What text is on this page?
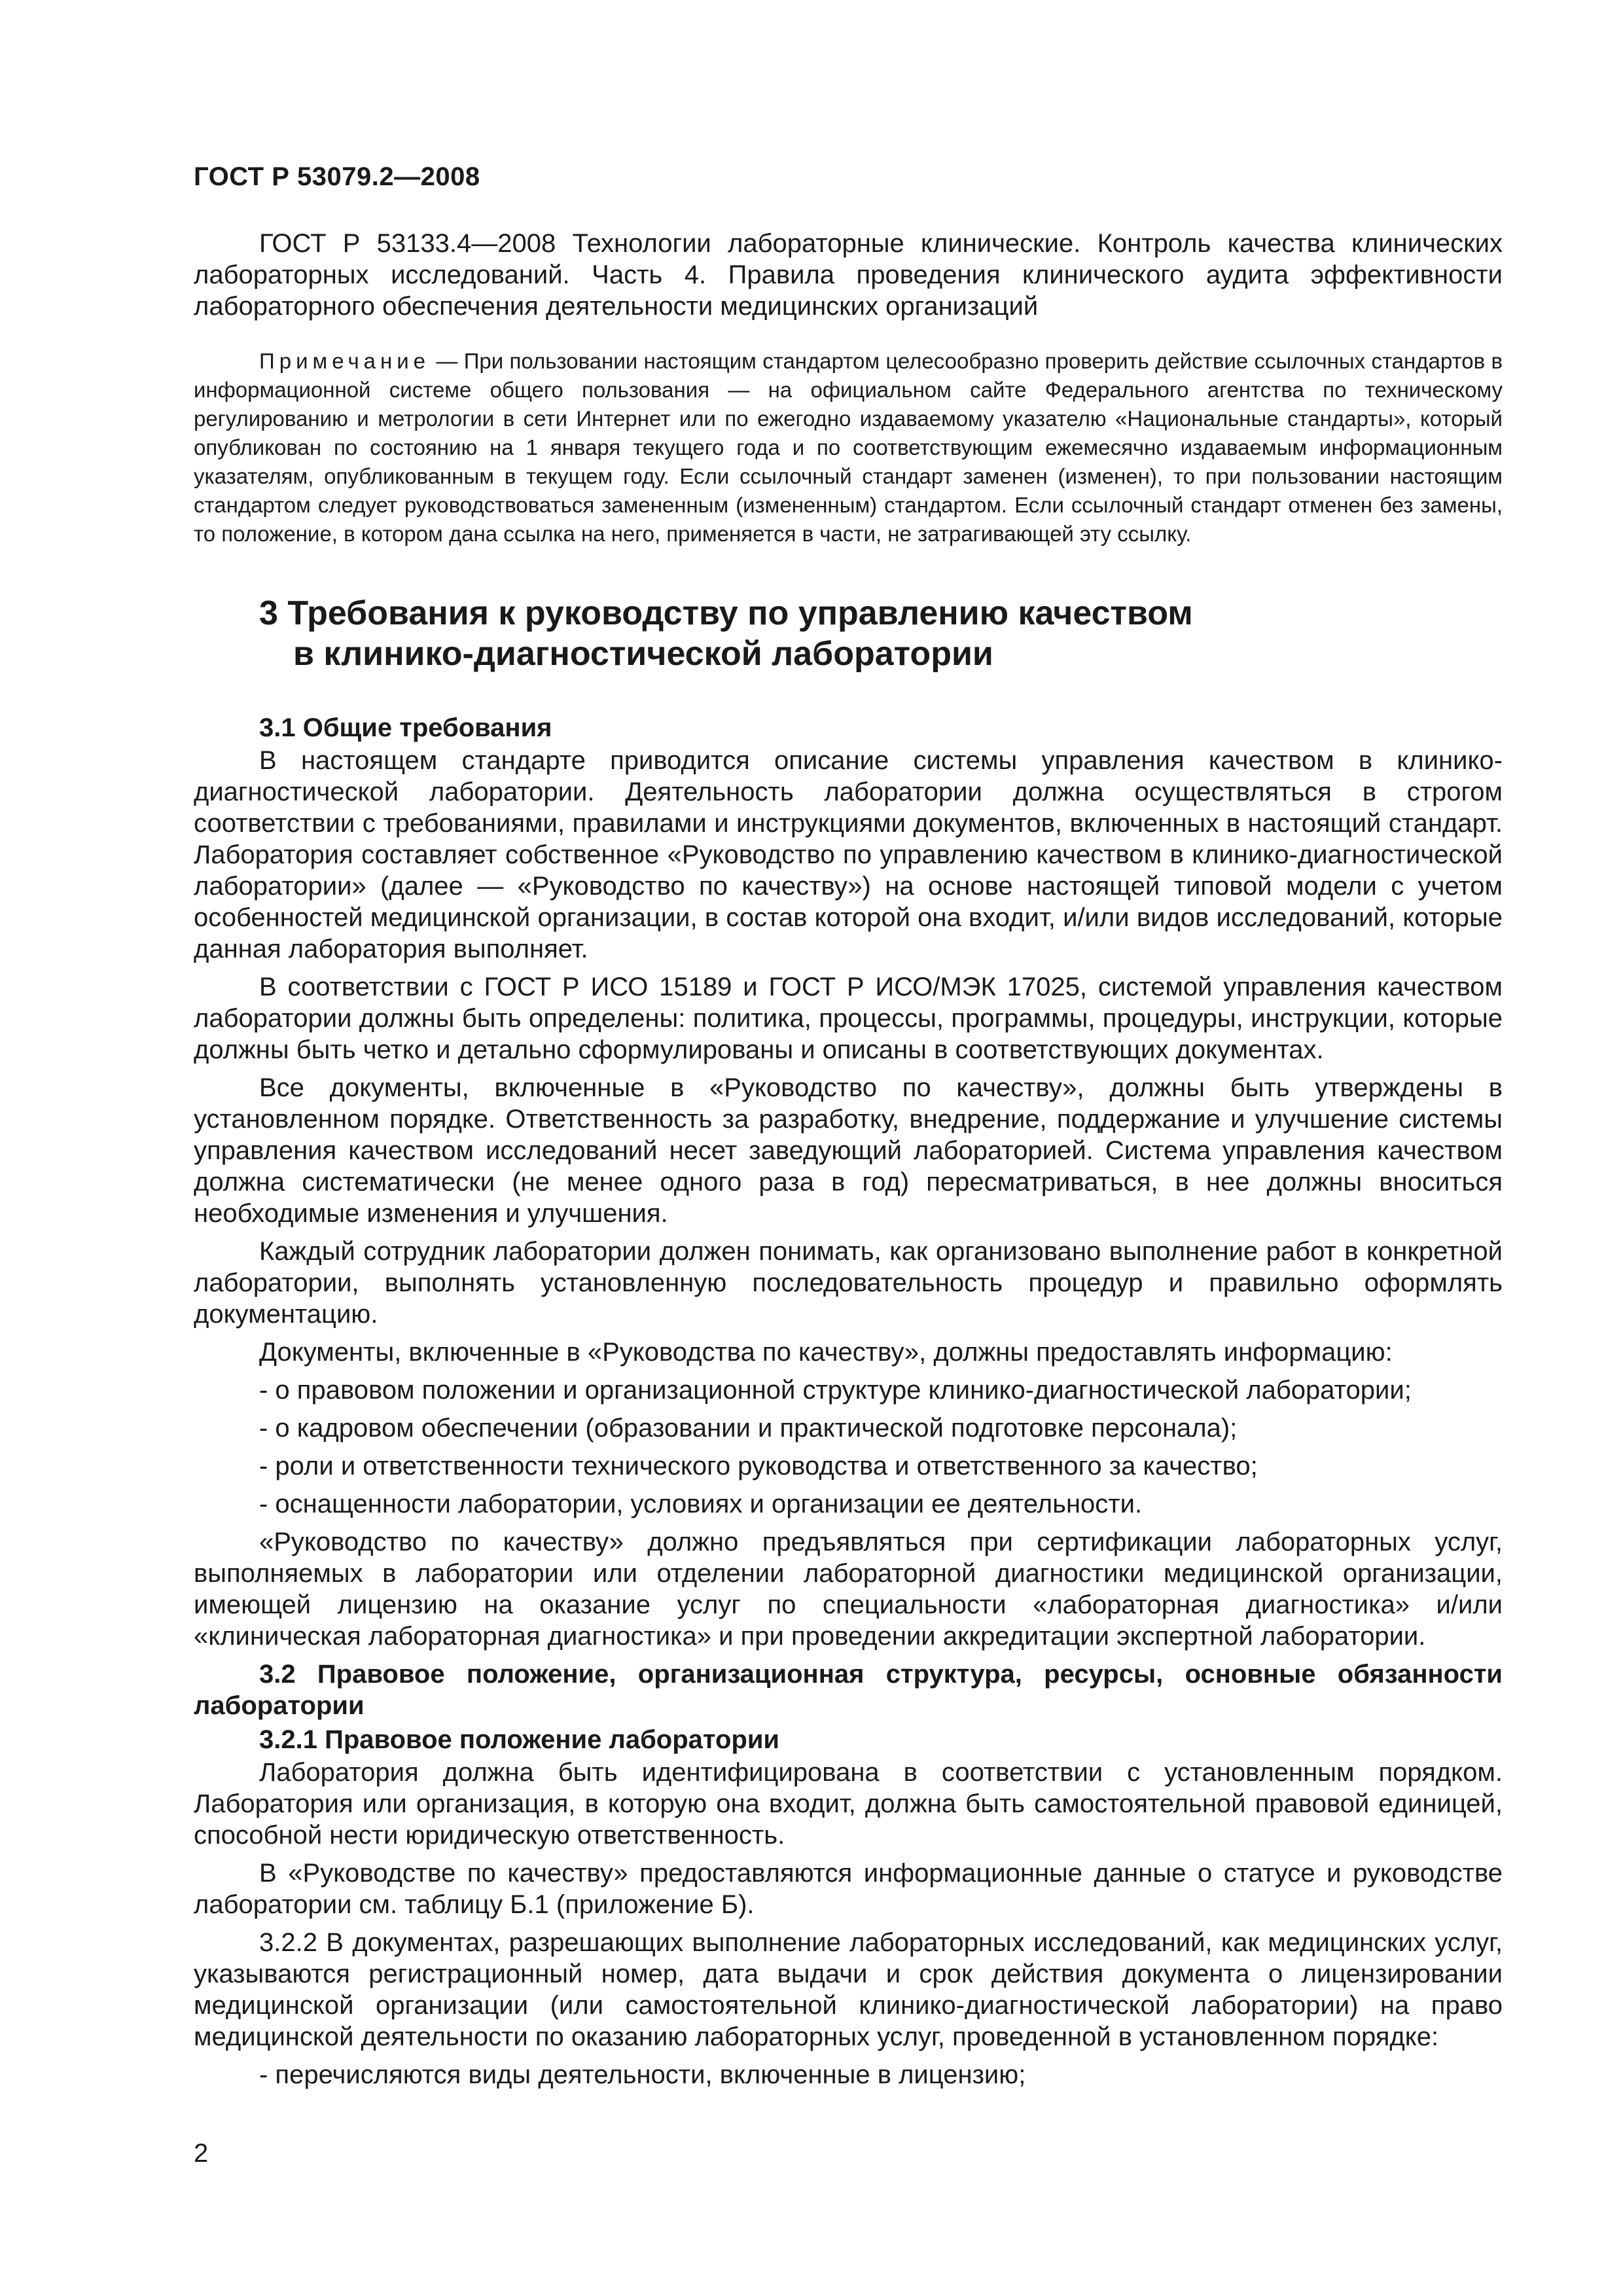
ГОСТ Р 53079.2—2008

ГОСТ Р 53133.4—2008 Технологии лабораторные клинические. Контроль качества клинических лабораторных исследований. Часть 4. Правила проведения клинического аудита эффективности лабораторного обеспечения деятельности медицинских организаций

Примечание — При пользовании настоящим стандартом целесообразно проверить действие ссылочных стандартов в информационной системе общего пользования — на официальном сайте Федерального агентства по техническому регулированию и метрологии в сети Интернет или по ежегодно издаваемому указателю «Национальные стандарты», который опубликован по состоянию на 1 января текущего года и по соответствующим ежемесячно издаваемым информационным указателям, опубликованным в текущем году. Если ссылочный стандарт заменен (изменен), то при пользовании настоящим стандартом следует руководствоваться замененным (измененным) стандартом. Если ссылочный стандарт отменен без замены, то положение, в котором дана ссылка на него, применяется в части, не затрагивающей эту ссылку.

3 Требования к руководству по управлению качеством
в клинико-диагностической лаборатории
3.1 Общие требования

В настоящем стандарте приводится описание системы управления качеством в клинико-диагностической лаборатории. Деятельность лаборатории должна осуществляться в строгом соответствии с требованиями, правилами и инструкциями документов, включенных в настоящий стандарт. Лаборатория составляет собственное «Руководство по управлению качеством в клинико-диагностической лаборатории» (далее — «Руководство по качеству») на основе настоящей типовой модели с учетом особенностей медицинской организации, в состав которой она входит, и/или видов исследований, которые данная лаборатория выполняет.

В соответствии с ГОСТ Р ИСО 15189 и ГОСТ Р ИСО/МЭК 17025, системой управления качеством лаборатории должны быть определены: политика, процессы, программы, процедуры, инструкции, которые должны быть четко и детально сформулированы и описаны в соответствующих документах.

Все документы, включенные в «Руководство по качеству», должны быть утверждены в установленном порядке. Ответственность за разработку, внедрение, поддержание и улучшение системы управления качеством исследований несет заведующий лабораторией. Система управления качеством должна систематически (не менее одного раза в год) пересматриваться, в нее должны вноситься необходимые изменения и улучшения.

Каждый сотрудник лаборатории должен понимать, как организовано выполнение работ в конкретной лаборатории, выполнять установленную последовательность процедур и правильно оформлять документацию.

Документы, включенные в «Руководства по качеству», должны предоставлять информацию:

- о правовом положении и организационной структуре клинико-диагностической лаборатории;
- о кадровом обеспечении (образовании и практической подготовке персонала);
- роли и ответственности технического руководства и ответственного за качество;
- оснащенности лаборатории, условиях и организации ее деятельности.

«Руководство по качеству» должно предъявляться при сертификации лабораторных услуг, выполняемых в лаборатории или отделении лабораторной диагностики медицинской организации, имеющей лицензию на оказание услуг по специальности «лабораторная диагностика» и/или «клиническая лабораторная диагностика» и при проведении аккредитации экспертной лаборатории.

3.2 Правовое положение, организационная структура, ресурсы, основные обязанности лаборатории
3.2.1 Правовое положение лаборатории

Лаборатория должна быть идентифицирована в соответствии с установленным порядком. Лаборатория или организация, в которую она входит, должна быть самостоятельной правовой единицей, способной нести юридическую ответственность.

В «Руководстве по качеству» предоставляются информационные данные о статусе и руководстве лаборатории см. таблицу Б.1 (приложение Б).

3.2.2 В документах, разрешающих выполнение лабораторных исследований, как медицинских услуг, указываются регистрационный номер, дата выдачи и срок действия документа о лицензировании медицинской организации (или самостоятельной клинико-диагностической лаборатории) на право медицинской деятельности по оказанию лабораторных услуг, проведенной в установленном порядке:

- перечисляются виды деятельности, включенные в лицензию;
2
